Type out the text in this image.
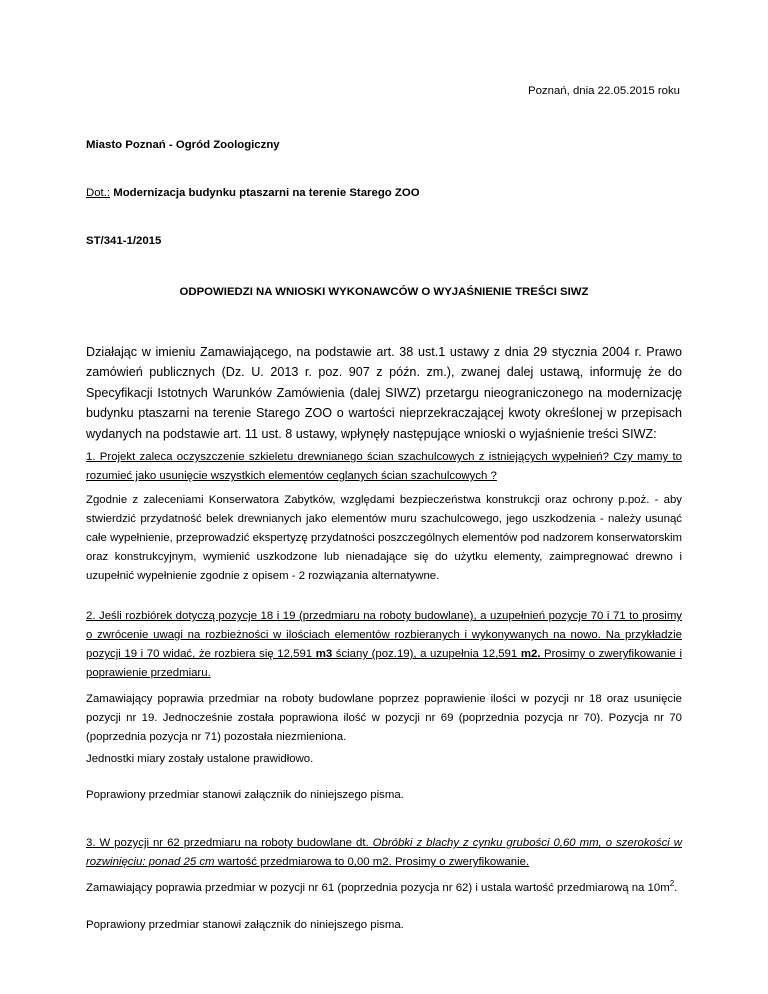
Poznań, dnia 22.05.2015 roku

Miasto Poznań - Ogród Zoologiczny

Dot.: Modernizacja budynku ptaszarni na terenie Starego ZOO

ST/341-1/2015

ODPOWIEDZI NA WNIOSKI WYKONAWCÓW O WYJAŚNIENIE TREŚCI SIWZ

Działając w imieniu Zamawiającego, na podstawie art. 38 ust.1 ustawy z dnia 29 stycznia 2004 r. Prawo zamówień publicznych (Dz. U. 2013 r. poz. 907 z późn. zm.), zwanej dalej ustawą, informuję że do Specyfikacji Istotnych Warunków Zamówienia (dalej SIWZ) przetargu nieograniczonego na modernizację budynku ptaszarni na terenie Starego ZOO o wartości nieprzekraczającej kwoty określonej w przepisach wydanych na podstawie art. 11 ust. 8 ustawy, wpłynęły następujące wnioski o wyjaśnienie treści SIWZ:

1. Projekt zaleca oczyszczenie szkieletu drewnianego ścian szachulcowych z istniejących wypełnień? Czy mamy to rozumieć jako usunięcie wszystkich elementów ceglanych ścian szachulcowych ?

Zgodnie z zaleceniami Konserwatora Zabytków, względami bezpieczeństwa konstrukcji oraz ochrony p.poż. - aby stwierdzić przydatność belek drewnianych jako elementów muru szachulcowego, jego uszkodzenia - należy usunąć całe wypełnienie, przeprowadzić ekspertyzę przydatności poszczególnych elementów pod nadzorem konserwatorskim oraz konstrukcyjnym, wymienić uszkodzone lub nienadające się do użytku elementy, zaimpregnować drewno i uzupełnić wypełnienie zgodnie z opisem - 2 rozwiązania alternatywne.

2. Jeśli rozbiórek dotyczą pozycje 18 i 19 (przedmiaru na roboty budowlane), a uzupełnień pozycje 70 i 71 to prosimy o zwrócenie uwagi na rozbieżności w ilościach elementów rozbieranych i wykonywanych na nowo. Na przykładzie pozycji 19 i 70 widać, że rozbiera się 12,591 m3 ściany (poz.19), a uzupełnia 12,591 m2. Prosimy o zweryfikowanie i poprawienie przedmiaru.

Zamawiający poprawia przedmiar na roboty budowlane poprzez poprawienie ilości w pozycji nr 18 oraz usunięcie pozycji nr 19. Jednocześnie została poprawiona ilość w pozycji nr 69 (poprzednia pozycja nr 70). Pozycja nr 70 (poprzednia pozycja nr 71) pozostała niezmieniona.

Jednostki miary zostały ustalone prawidłowo.

Poprawiony przedmiar stanowi załącznik do niniejszego pisma.

3. W pozycji nr 62 przedmiaru na roboty budowlane dt. Obróbki z blachy z cynku grubości 0,60 mm, o szerokości w rozwinięciu: ponad 25 cm wartość przedmiarowa to 0,00 m2. Prosimy o zweryfikowanie.

Zamawiający poprawia przedmiar w pozycji nr 61 (poprzednia pozycja nr 62) i ustala wartość przedmiarową na $10m^2$.

Poprawiony przedmiar stanowi załącznik do niniejszego pisma.
